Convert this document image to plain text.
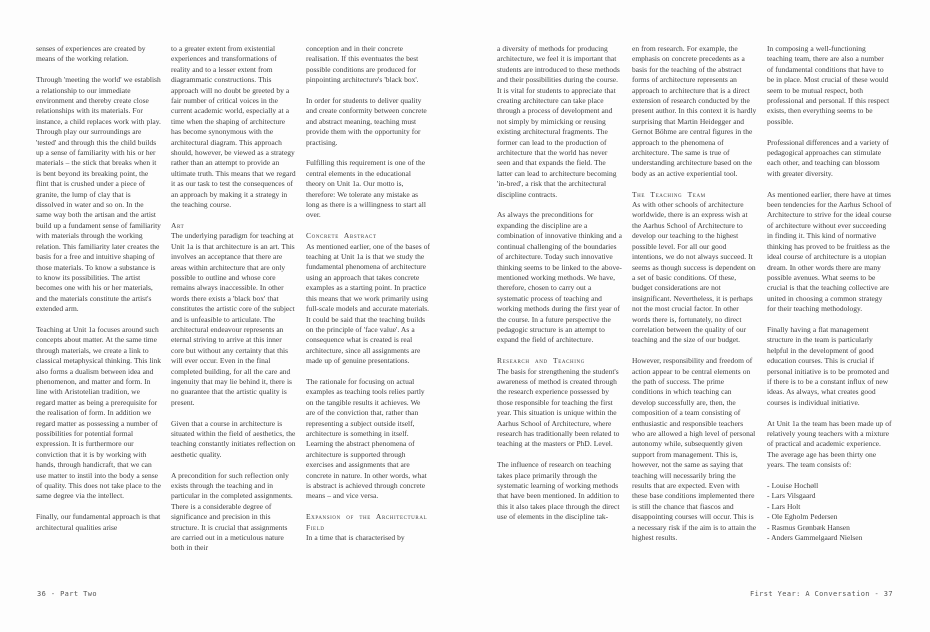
senses of experiences are created by means of the working relation.

Through 'meeting the world' we establish a relationship to our immediate environment and thereby create close relationships with its materials. For instance, a child replaces work with play. Through play our surroundings are 'tested' and through this the child builds up a sense of familiarity with his or her materials – the stick that breaks when it is bent beyond its breaking point, the flint that is crushed under a piece of granite, the lump of clay that is dissolved in water and so on. In the same way both the artisan and the artist build up a fundament sense of familiarity with materials through the working relation. This familiarity later creates the basis for a free and intuitive shaping of those materials. To know a substance is to know its possibilities. The artist becomes one with his or her materials, and the materials constitute the artist's extended arm.

Teaching at Unit 1a focuses around such concepts about matter. At the same time through materials, we create a link to classical metaphysical thinking. This link also forms a dualism between idea and phenomenon, and matter and form. In line with Aristotelian tradition, we regard matter as being a prerequisite for the realisation of form. In addition we regard matter as possessing a number of possibilities for potential formal expression. It is furthermore our conviction that it is by working with hands, through handicraft, that we can use matter to instil into the body a sense of quality. This does not take place to the same degree via the intellect.

Finally, our fundamental approach is that architectural qualities arise

to a greater extent from existential experiences and transformations of reality and to a lesser extent from diagrammatic constructions. This approach will no doubt be greeted by a fair number of critical voices in the current academic world, especially at a time when the shaping of architecture has become synonymous with the architectural diagram. This approach should, however, be viewed as a strategy rather than an attempt to provide an ultimate truth. This means that we regard it as our task to test the consequences of an approach by making it a strategy in the teaching course.

Art

The underlying paradigm for teaching at Unit 1a is that architecture is an art. This involves an acceptance that there are areas within architecture that are only possible to outline and whose core remains always inaccessible. In other words there exists a 'black box' that constitutes the artistic core of the subject and is unfeasible to articulate. The architectural endeavour represents an eternal striving to arrive at this inner core but without any certainty that this will ever occur. Even in the final completed building, for all the care and ingenuity that may lie behind it, there is no guarantee that the artistic quality is present.

Given that a course in architecture is situated within the field of aesthetics, the teaching constantly initiates reflection on aesthetic quality.

A precondition for such reflection only exists through the teaching and in particular in the completed assignments. There is a considerable degree of significance and precision in this structure. It is crucial that assignments are carried out in a meticulous nature both in their

conception and in their concrete realisation. If this eventuates the best possible conditions are produced for pinpointing architecture's 'black box'.

In order for students to deliver quality and create conformity between concrete and abstract meaning, teaching must provide them with the opportunity for practising.

Fulfilling this requirement is one of the central elements in the educational theory on Unit 1a. Our motto is, therefore: We tolerate any mistake as long as there is a willingness to start all over.

Concrete Abstract

As mentioned earlier, one of the bases of teaching at Unit 1a is that we study the fundamental phenomena of architecture using an approach that takes concrete examples as a starting point. In practice this means that we work primarily using full-scale models and accurate materials. It could be said that the teaching builds on the principle of 'face value'. As a consequence what is created is real architecture, since all assignments are made up of genuine presentations.

The rationale for focusing on actual examples as teaching tools relies partly on the tangible results it achieves. We are of the conviction that, rather than representing a subject outside itself, architecture is something in itself. Learning the abstract phenomena of architecture is supported through exercises and assignments that are concrete in nature. In other words, what is abstract is achieved through concrete means – and vice versa.

Expansion of the Architectural Field

In a time that is characterised by

36 - Part Two

a diversity of methods for producing architecture, we feel it is important that students are introduced to these methods and their possibilities during the course. It is vital for students to appreciate that creating architecture can take place through a process of development and not simply by mimicking or reusing existing architectural fragments. The former can lead to the production of architecture that the world has never seen and that expands the field. The latter can lead to architecture becoming 'in-bred', a risk that the architectural discipline contracts.

As always the preconditions for expanding the discipline are a combination of innovative thinking and a continual challenging of the boundaries of architecture. Today such innovative thinking seems to be linked to the above-mentioned working methods. We have, therefore, chosen to carry out a systematic process of teaching and working methods during the first year of the course. In a future perspective the pedagogic structure is an attempt to expand the field of architecture.

Research and Teaching

The basis for strengthening the student's awareness of method is created through the research experience possessed by those responsible for teaching the first year. This situation is unique within the Aarhus School of Architecture, where research has traditionally been related to teaching at the masters or PhD. Level.

The influence of research on teaching takes place primarily through the systematic learning of working methods that have been mentioned. In addition to this it also takes place through the direct use of elements in the discipline tak-

en from research. For example, the emphasis on concrete precedents as a basis for the teaching of the abstract forms of architecture represents an approach to architecture that is a direct extension of research conducted by the present author. In this context it is hardly surprising that Martin Heidegger and Gernot Böhme are central figures in the approach to the phenomena of architecture. The same is true of understanding architecture based on the body as an active experiential tool.

The Teaching Team

As with other schools of architecture worldwide, there is an express wish at the Aarhus School of Architecture to develop our teaching to the highest possible level. For all our good intentions, we do not always succeed. It seems as though success is dependent on a set of basic conditions. Of these, budget considerations are not insignificant. Nevertheless, it is perhaps not the most crucial factor. In other words there is, fortunately, no direct correlation between the quality of our teaching and the size of our budget.

However, responsibility and freedom of action appear to be central elements on the path of success. The prime conditions in which teaching can develop successfully are, then, the composition of a team consisting of enthusiastic and responsible teachers who are allowed a high level of personal autonomy while, subsequently given support from management. This is, however, not the same as saying that teaching will necessarily bring the results that are expected. Even with these base conditions implemented there is still the chance that fiascos and disappointing courses will occur. This is a necessary risk if the aim is to attain the highest results.

In composing a well-functioning teaching team, there are also a number of fundamental conditions that have to be in place. Most crucial of these would seem to be mutual respect, both professional and personal. If this respect exists, then everything seems to be possible.

Professional differences and a variety of pedagogical approaches can stimulate each other, and teaching can blossom with greater diversity.

As mentioned earlier, there have at times been tendencies for the Aarhus School of Architecture to strive for the ideal course of architecture without ever succeeding in finding it. This kind of normative thinking has proved to be fruitless as the ideal course of architecture is a utopian dream. In other words there are many possible avenues. What seems to be crucial is that the teaching collective are united in choosing a common strategy for their teaching methodology.

Finally having a flat management structure in the team is particularly helpful in the development of good education courses. This is crucial if personal initiative is to be promoted and if there is to be a constant influx of new ideas. As always, what creates good courses is individual initiative.

At Unit 1a the team has been made up of relatively young teachers with a mixture of practical and academic experience. The average age has been thirty one years. The team consists of:

- Louise Hochøll

- Lars Vilsgaard

- Lars Holt

- Ole Egholm Pedersen

- Rasmus Grønbæk Hansen

- Anders Gammelgaard Nielsen

First Year: A Conversation - 37
